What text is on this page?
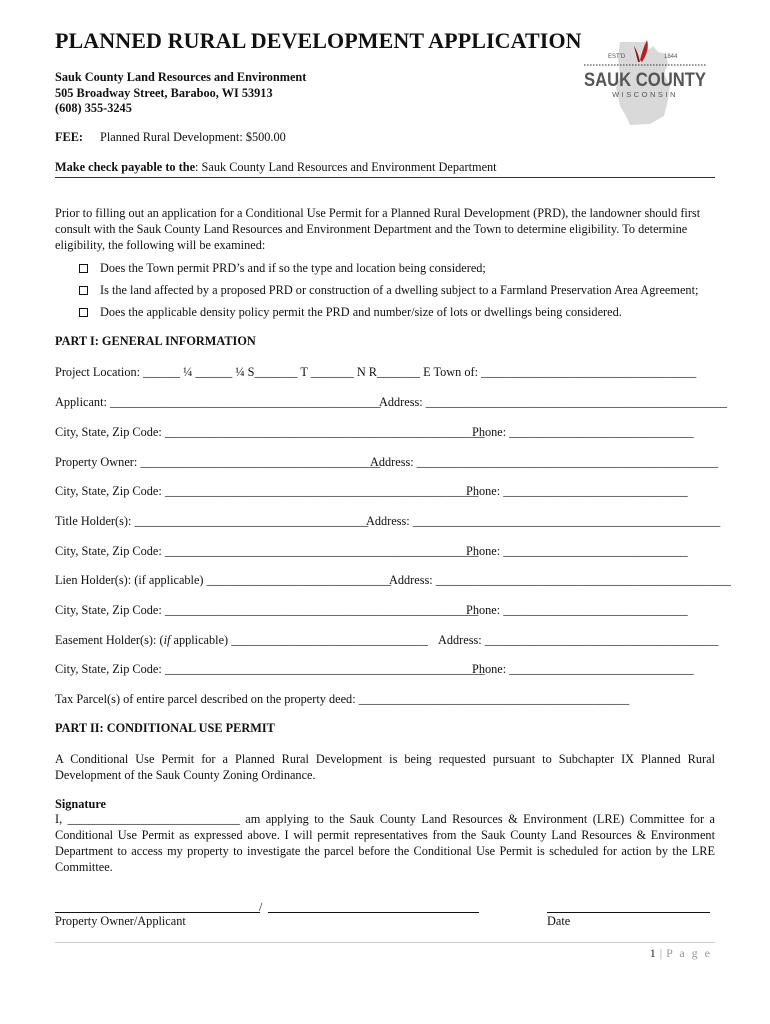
PLANNED RURAL DEVELOPMENT APPLICATION
Sauk County Land Resources and Environment
505 Broadway Street, Baraboo, WI 53913
(608) 355-3245
EST'D	1844
SAUK COUNTY
WISCONSIN
FEE: Planned Rural Development: $500.00
Make check payable to the: Sauk County Land Resources and Environment Department
Prior to filling out an application for a Conditional Use Permit for a Planned Rural Development (PRD), the landowner should first consult with the Sauk County Land Resources and Environment Department and the Town to determine eligibility. To determine eligibility, the following will be examined:
Does the Town permit PRD’s and if so the type and location being considered;
Is the land affected by a proposed PRD or construction of a dwelling subject to a Farmland Preservation Area Agreement;
Does the applicable density policy permit the PRD and number/size of lots or dwellings being considered.
PART I: GENERAL INFORMATION
Project Location: ______ ¼ ______ ¼ S_______ T _______ N R_______ E Town of: ___________________________________
Applicant: ____________________________________________
Address: _________________________________________________
City, State, Zip Code: ____________________________________________________
Phone: ______________________________
Property Owner: _______________________________________
Address: _________________________________________________
City, State, Zip Code: ___________________________________________________
Phone: ______________________________
Title Holder(s): ______________________________________
Address: __________________________________________________
City, State, Zip Code: ___________________________________________________
Phone: ______________________________
Lien Holder(s): (if applicable) ______________________________
Address: ________________________________________________
City, State, Zip Code: ___________________________________________________
Phone: ______________________________
Easement Holder(s): (if applicable) ________________________________ Address: ______________________________________
City, State, Zip Code: ____________________________________________________
Phone: ______________________________
Tax Parcel(s) of entire parcel described on the property deed: ____________________________________________
PART II: CONDITIONAL USE PERMIT
A Conditional Use Permit for a Planned Rural Development is being requested pursuant to Subchapter IX Planned Rural Development of the Sauk County Zoning Ordinance.
Signature
I, ____________________________ am applying to the Sauk County Land Resources & Environment (LRE) Committee for a Conditional Use Permit as expressed above. I will permit representatives from the Sauk County Land Resources & Environment Department to access my property to investigate the parcel before the Conditional Use Permit is scheduled for action by the LRE Committee.
/
Property Owner/Applicant	Date
1 | P a g e
